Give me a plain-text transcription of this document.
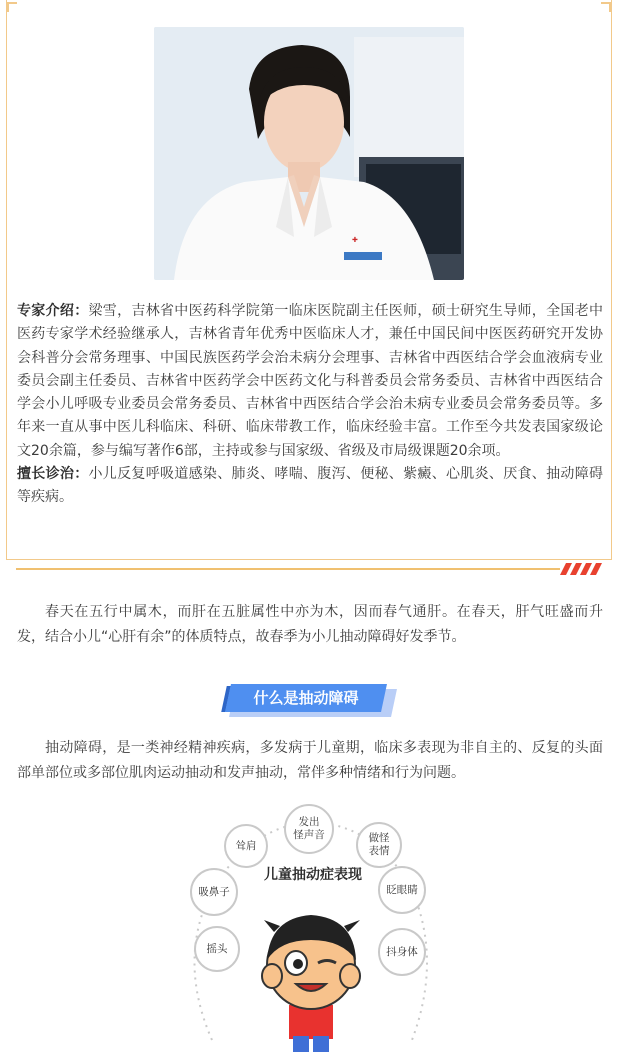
✚
专家介绍：梁雪，吉林省中医药科学院第一临床医院副主任医师，硕士研究生导师，全国老中医药专家学术经验继承人，吉林省青年优秀中医临床人才，兼任中国民间中医医药研究开发协会科普分会常务理事、中国民族医药学会治未病分会理事、吉林省中西医结合学会血液病专业委员会副主任委员、吉林省中医药学会中医药文化与科普委员会常务委员、吉林省中西医结合学会小儿呼吸专业委员会常务委员、吉林省中西医结合学会治未病专业委员会常务委员等。多年来一直从事中医儿科临床、科研、临床带教工作，临床经验丰富。工作至今共发表国家级论文20余篇，参与编写著作6部，主持或参与国家级、省级及市局级课题20余项。
擅长诊治：小儿反复呼吸道感染、肺炎、哮喘、腹泻、便秘、紫癜、心肌炎、厌食、抽动障碍等疾病。

春天在五行中属木，而肝在五脏属性中亦为木，因而春气通肝。在春天，肝气旺盛而升发，结合小儿“心肝有余”的体质特点，故春季为小儿抽动障碍好发季节。

什么是抽动障碍

抽动障碍，是一类神经精神疾病，多发病于儿童期，临床多表现为非自主的、反复的头面部单部位或多部位肌肉运动抽动和发声抽动，常伴多种情绪和行为问题。

儿童抽动症表现
发出
怪声音	做怪
表情
耸肩
眨眼睛
吸鼻子
抖身体
摇头
